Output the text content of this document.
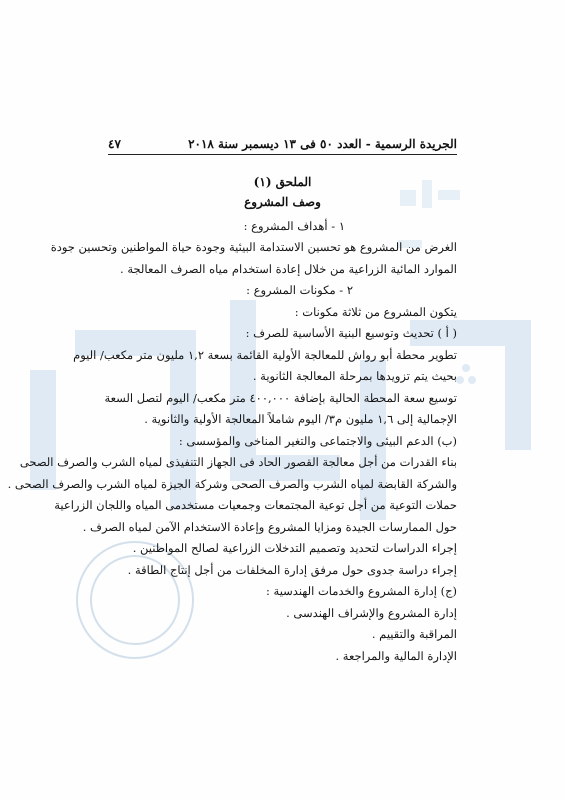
الجريدة الرسمية - العدد ٥٠ فى ١٣ ديسمبر سنة ٢٠١٨
٤٧
الملحق (١)
وصف المشروع
١ - أهداف المشروع :
الغرض من المشروع هو تحسين الاستدامة البيئية وجودة حياة المواطنين وتحسين جودة
الموارد المائية الزراعية من خلال إعادة استخدام مياه الصرف المعالجة .
٢ - مكونات المشروع :
يتكون المشروع من ثلاثة مكونات :
( أ ) تحديث وتوسيع البنية الأساسية للصرف :
تطوير محطة أبو رواش للمعالجة الأولية القائمة بسعة ١,٢ مليون متر مكعب/ اليوم
بحيث يتم تزويدها بمرحلة المعالجة الثانوية .
توسيع سعة المحطة الحالية بإضافة ٤٠٠,٠٠٠ متر مكعب/ اليوم لتصل السعة
الإجمالية إلى ١,٦ مليون م٣/ اليوم شاملاً المعالجة الأولية والثانوية .
(ب) الدعم البيئى والاجتماعى والتغير المناخى والمؤسسى :
بناء القدرات من أجل معالجة القصور الحاد فى الجهاز التنفيذى لمياه الشرب والصرف الصحى
والشركة القابضة لمياه الشرب والصرف الصحى وشركة الجيزة لمياه الشرب والصرف الصحى .
حملات التوعية من أجل توعية المجتمعات وجمعيات مستخدمى المياه واللجان الزراعية
حول الممارسات الجيدة ومزايا المشروع وإعادة الاستخدام الآمن لمياه الصرف .
إجراء الدراسات لتحديد وتصميم التدخلات الزراعية لصالح المواطنين .
إجراء دراسة جدوى حول مرفق إدارة المخلفات من أجل إنتاج الطاقة .
(ج) إدارة المشروع والخدمات الهندسية :
إدارة المشروع والإشراف الهندسى .
المراقبة والتقييم .
الإدارة المالية والمراجعة .
